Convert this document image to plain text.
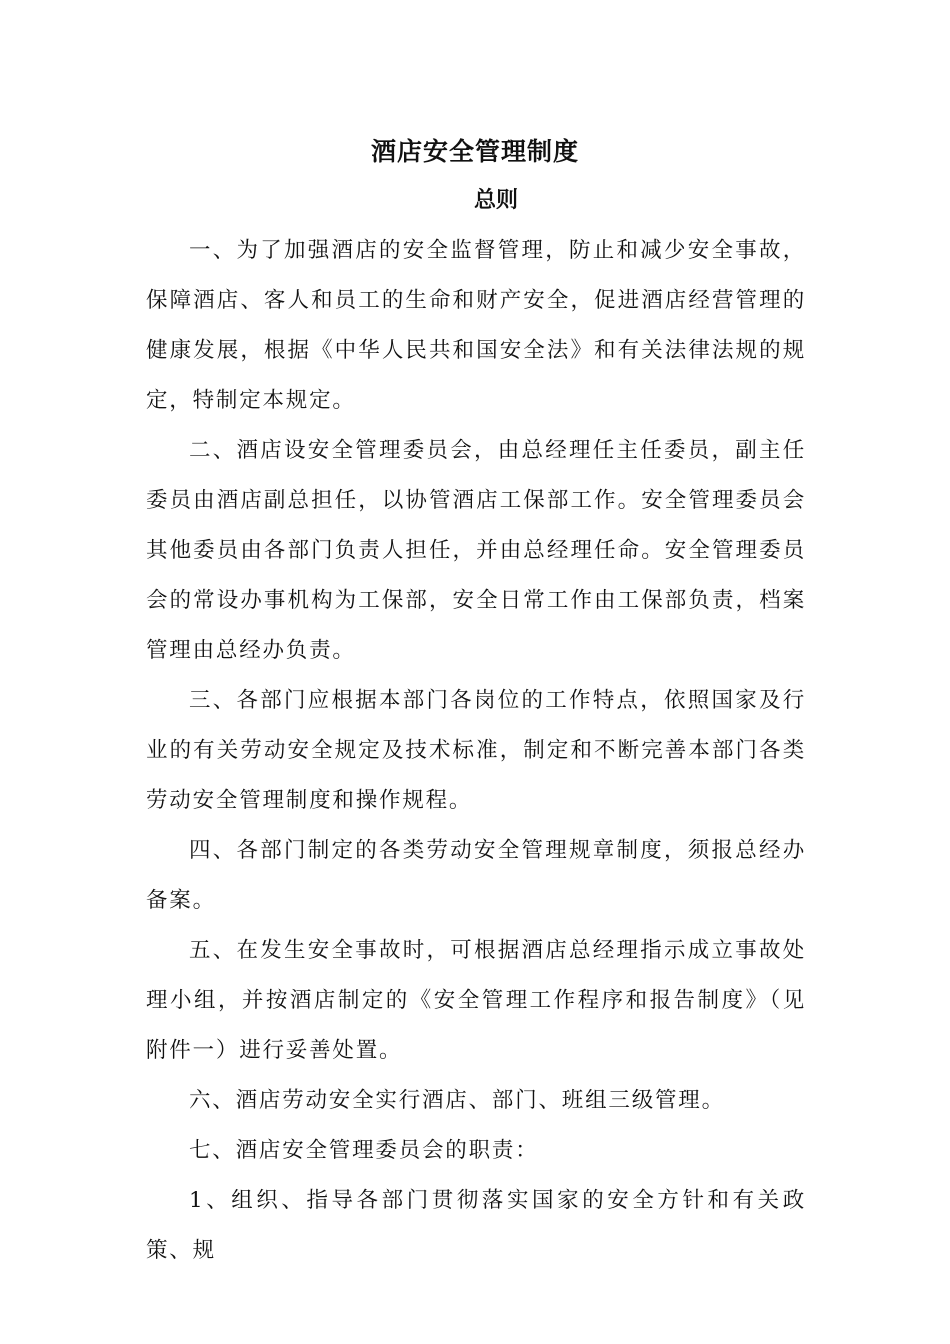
酒店安全管理制度
总则

一、为了加强酒店的安全监督管理，防止和减少安全事故，保障酒店、客人和员工的生命和财产安全，促进酒店经营管理的健康发展，根据《中华人民共和国安全法》和有关法律法规的规定，特制定本规定。

二、酒店设安全管理委员会，由总经理任主任委员，副主任委员由酒店副总担任，以协管酒店工保部工作。安全管理委员会其他委员由各部门负责人担任，并由总经理任命。安全管理委员会的常设办事机构为工保部，安全日常工作由工保部负责，档案管理由总经办负责。

三、各部门应根据本部门各岗位的工作特点，依照国家及行业的有关劳动安全规定及技术标准，制定和不断完善本部门各类劳动安全管理制度和操作规程。

四、各部门制定的各类劳动安全管理规章制度，须报总经办备案。

五、在发生安全事故时，可根据酒店总经理指示成立事故处理小组，并按酒店制定的《安全管理工作程序和报告制度》（见附件一）进行妥善处置。

六、酒店劳动安全实行酒店、部门、班组三级管理。

七、酒店安全管理委员会的职责：

1、组织、指导各部门贯彻落实国家的安全方针和有关政策、规
